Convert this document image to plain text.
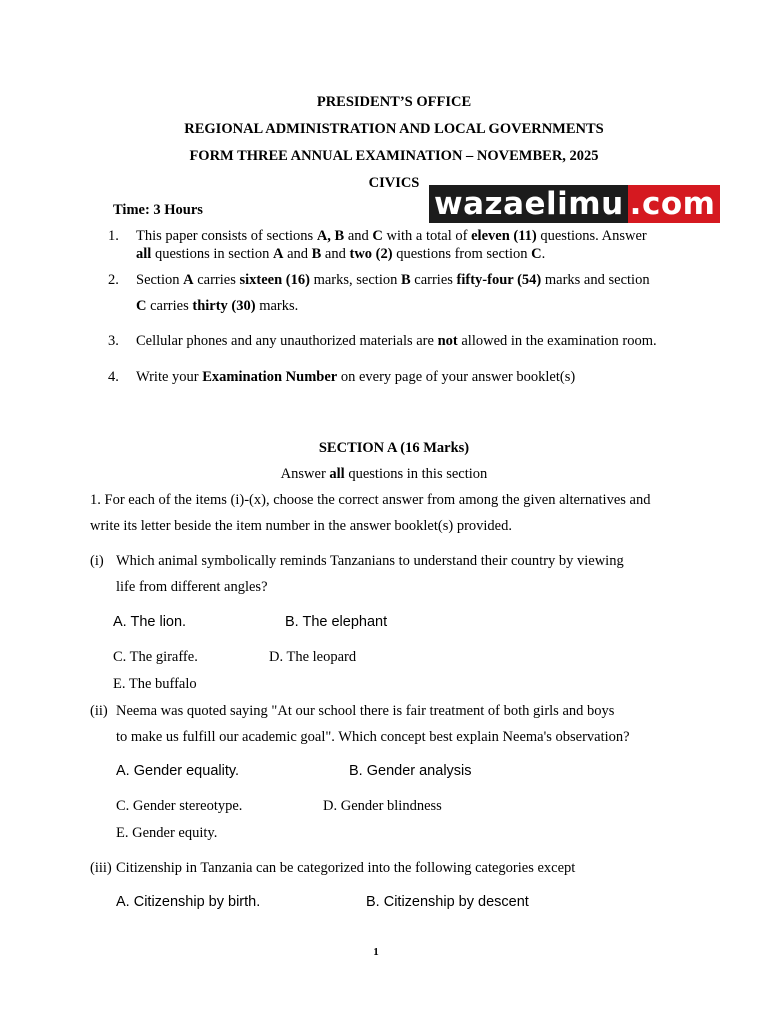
PRESIDENT’S OFFICE
REGIONAL ADMINISTRATION AND LOCAL GOVERNMENTS
FORM THREE ANNUAL EXAMINATION – NOVEMBER, 2025
CIVICS
wazaelimu .com
Time: 3 Hours
1. This paper consists of sections A, B and C with a total of eleven (11) questions. Answer
all questions in section A and B and two (2) questions from section C.
2. Section A carries sixteen (16) marks, section B carries fifty-four (54) marks and section
C carries thirty (30) marks.
3. Cellular phones and any unauthorized materials are not allowed in the examination room.
4. Write your Examination Number on every page of your answer booklet(s)
SECTION A (16 Marks)
Answer all questions in this section
1. For each of the items (i)-(x), choose the correct answer from among the given alternatives and
write its letter beside the item number in the answer booklet(s) provided.
(i) Which animal symbolically reminds Tanzanians to understand their country by viewing
life from different angles?
A. The lion.	B. The elephant
C. The giraffe.	D. The leopard
E. The buffalo
(ii) Neema was quoted saying "At our school there is fair treatment of both girls and boys
to make us fulfill our academic goal". Which concept best explain Neema's observation?
A. Gender equality.	B. Gender analysis
C. Gender stereotype.	D. Gender blindness
E. Gender equity.
(iii) Citizenship in Tanzania can be categorized into the following categories except
A. Citizenship by birth.	B. Citizenship by descent
1
